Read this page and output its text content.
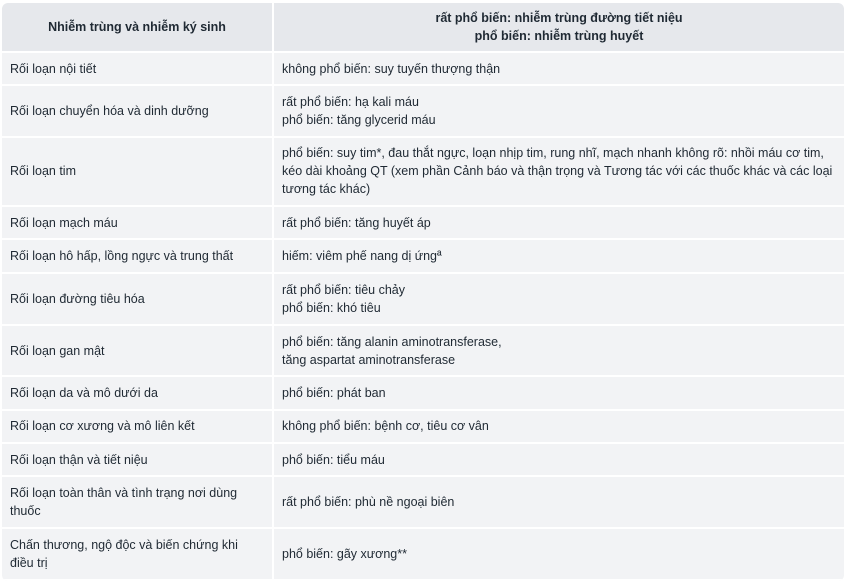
Nhiễm trùng và nhiễm ký sinh	rất phổ biến: nhiễm trùng đường tiết niệu
phổ biến: nhiễm trùng huyết

Rối loạn nội tiết	không phổ biến: suy tuyến thượng thận

Rối loạn chuyển hóa và dinh dưỡng	rất phổ biến: hạ kali máu
phổ biến: tăng glycerid máu

Rối loạn tim	phổ biến: suy tim*, đau thắt ngực, loạn nhịp tim, rung nhĩ, mạch nhanh không rõ: nhồi máu cơ tim, kéo dài khoảng QT (xem phần Cảnh báo và thận trọng và Tương tác với các thuốc khác và các loại tương tác khác)

Rối loạn mạch máu	rất phổ biến: tăng huyết áp

Rối loạn hô hấp, lồng ngực và trung thất	hiếm: viêm phế nang dị ứngª

Rối loạn đường tiêu hóa	rất phổ biến: tiêu chảy
phổ biến: khó tiêu

Rối loạn gan mật	phổ biến: tăng alanin aminotransferase,
tăng aspartat aminotransferase

Rối loạn da và mô dưới da	phổ biến: phát ban

Rối loạn cơ xương và mô liên kết	không phổ biến: bệnh cơ, tiêu cơ vân

Rối loạn thận và tiết niệu	phổ biến: tiểu máu

Rối loạn toàn thân và tình trạng nơi dùng thuốc	rất phổ biến: phù nề ngoại biên

Chấn thương, ngộ độc và biến chứng khi điều trị	phổ biến: gãy xương**
